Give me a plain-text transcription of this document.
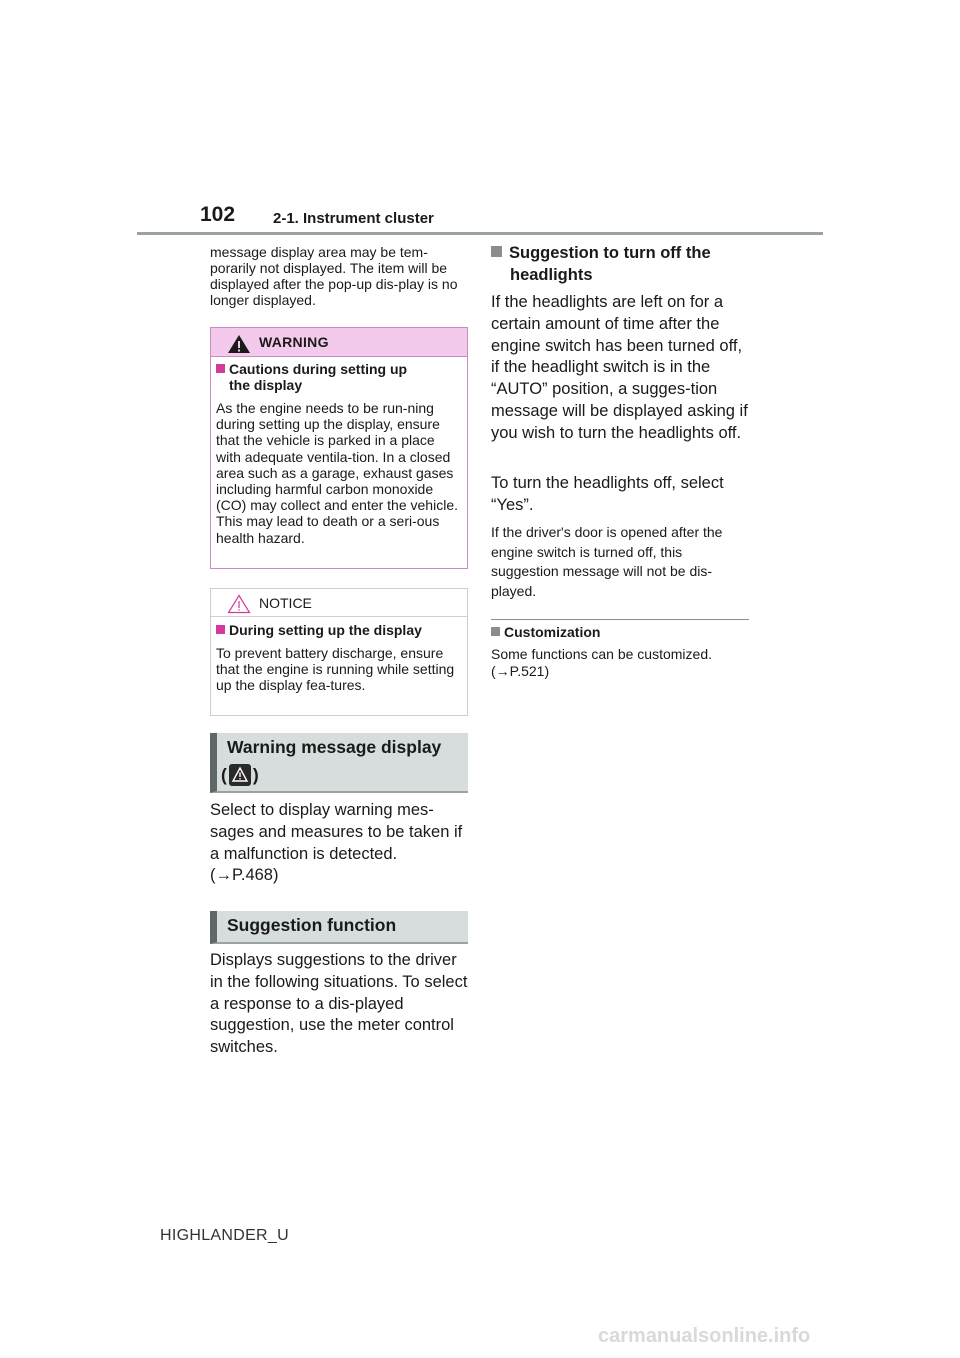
102	2-1. Instrument cluster
message display area may be tem-porarily not displayed. The item will be displayed after the pop-up dis-play is no longer displayed.
WARNING
Cautions during setting up
the display
As the engine needs to be run-ning during setting up the display, ensure that the vehicle is parked in a place with adequate ventila-tion. In a closed area such as a garage, exhaust gases including harmful carbon monoxide (CO) may collect and enter the vehicle. This may lead to death or a seri-ous health hazard.
NOTICE
During setting up the display
To prevent battery discharge, ensure that the engine is running while setting up the display fea-tures.
Warning message display
( )
Select to display warning mes-sages and measures to be taken if a malfunction is detected. (→P.468)
Suggestion function
Displays suggestions to the driver in the following situations. To select a response to a dis-played suggestion, use the meter control switches.
Suggestion to turn off the
headlights
If the headlights are left on for a certain amount of time after the engine switch has been turned off, if the headlight switch is in the “AUTO” position, a sugges-tion message will be displayed asking if you wish to turn the headlights off.
To turn the headlights off, select “Yes”.
If the driver's door is opened after the engine switch is turned off, this suggestion message will not be dis-played.
Customization
Some functions can be customized. (→P.521)
HIGHLANDER_U
carmanualsonline.info
